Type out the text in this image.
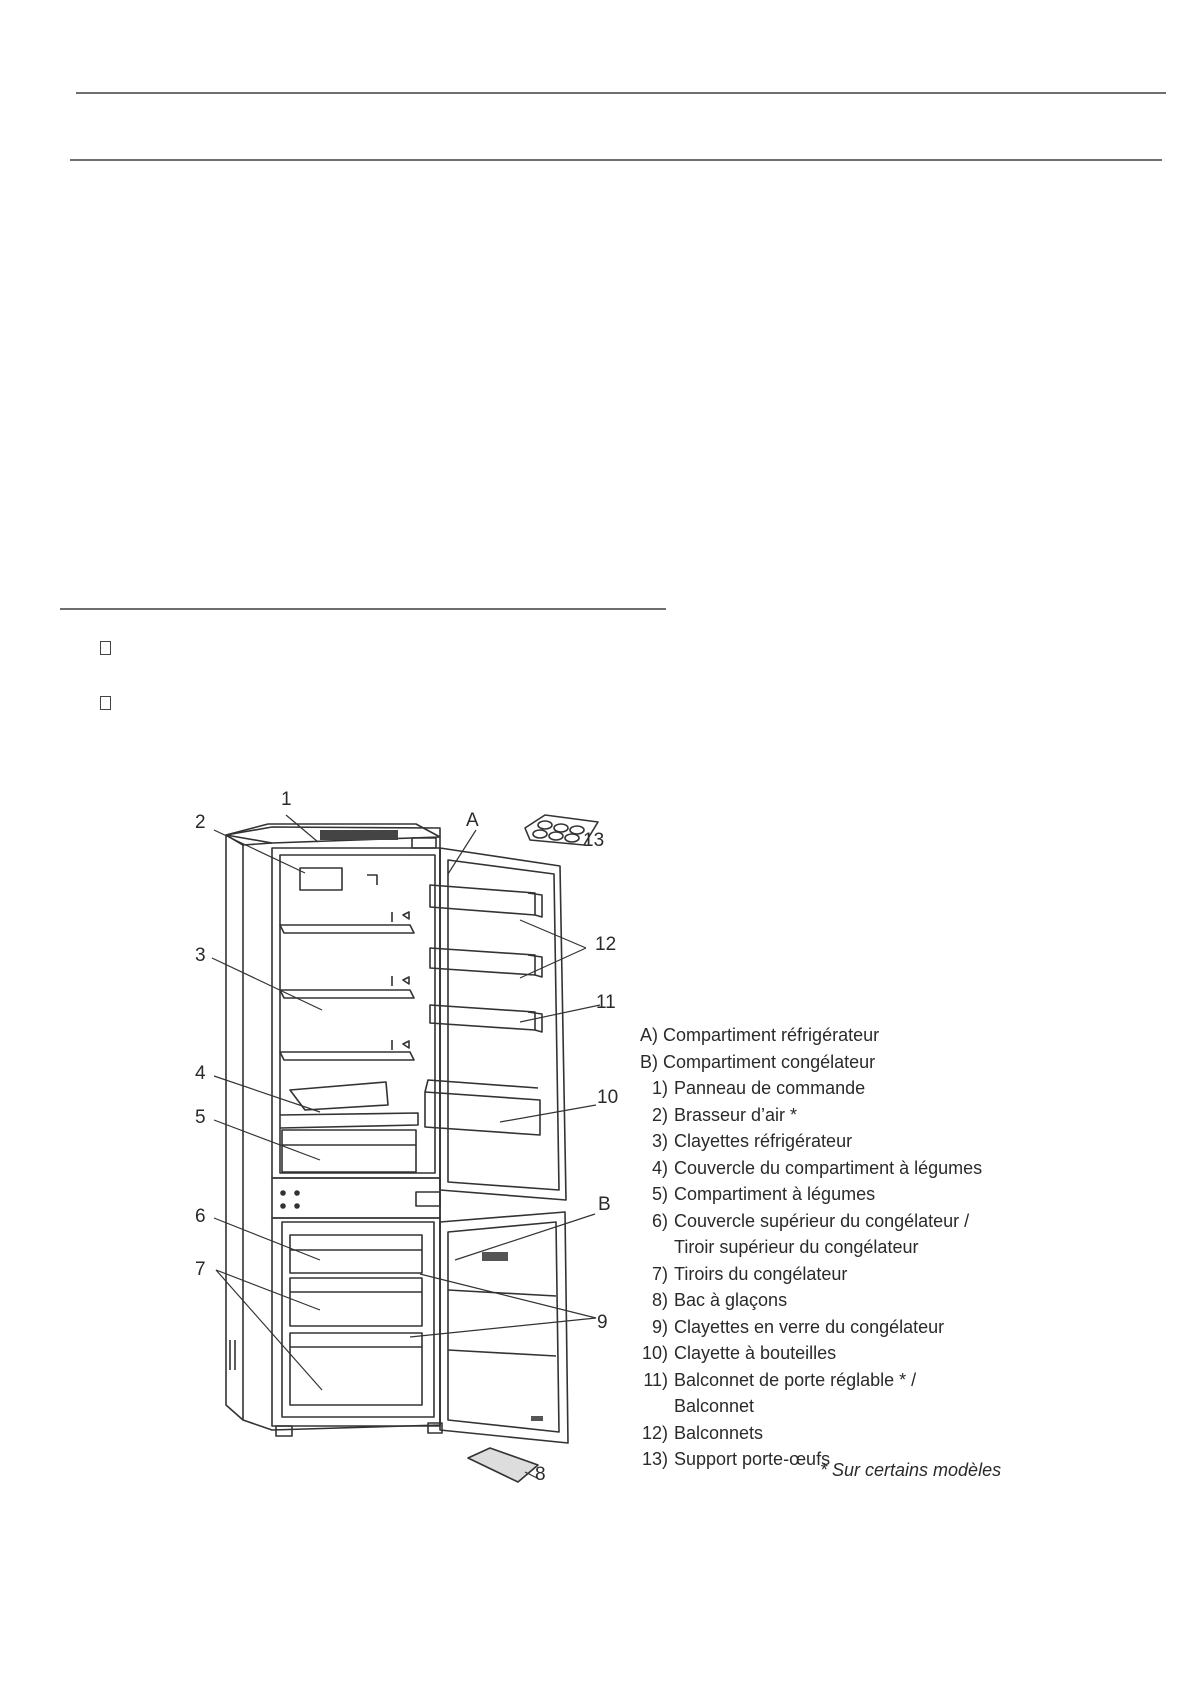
1
2	A
13
12
3
11
4
10
5
6
B
7
9
8
A)
Compartiment réfrigérateur
B)
Compartiment congélateur
1) Panneau de commande
2) Brasseur d’air *
3) Clayettes réfrigérateur
4) Couvercle du compartiment à légumes
5) Compartiment à légumes
6) Couvercle supérieur du congélateur /
Tiroir supérieur du congélateur
7) Tiroirs du congélateur
8) Bac à glaçons
9) Clayettes en verre du congélateur
10) Clayette à bouteilles
11) Balconnet de porte réglable * /
Balconnet
12) Balconnets
13) Support porte-œufs
* Sur certains modèles
